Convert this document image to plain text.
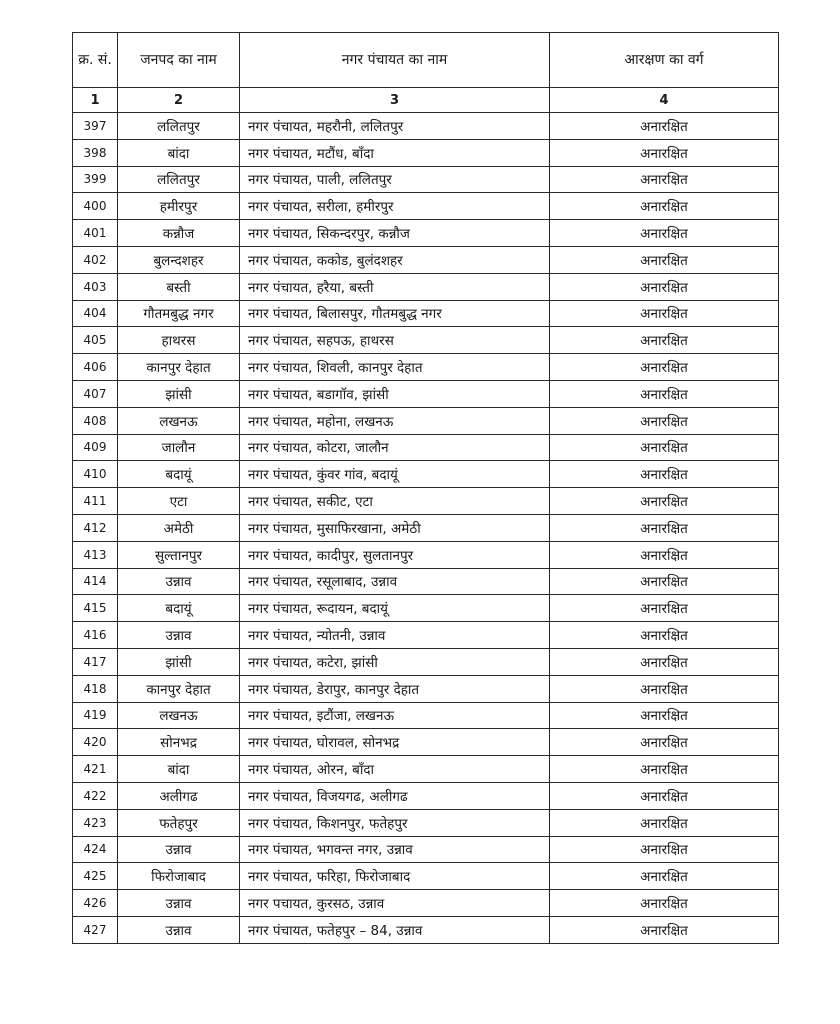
क्र. सं.	जनपद का नाम	नगर पंचायत का नाम	आरक्षण का वर्ग
1	2	3	4
397	ललितपुर	नगर पंचायत, महरौनी, ललितपुर	अनारक्षित
398	बांदा	नगर पंचायत, मटौंध, बाँदा	अनारक्षित
399	ललितपुर	नगर पंचायत, पाली, ललितपुर	अनारक्षित
400	हमीरपुर	नगर पंचायत, सरीला, हमीरपुर	अनारक्षित
401	कन्नौज	नगर पंचायत, सिकन्दरपुर, कन्नौज	अनारक्षित
402	बुलन्दशहर	नगर पंचायत, ककोड, बुलंदशहर	अनारक्षित
403	बस्ती	नगर पंचायत, हरैया, बस्ती	अनारक्षित
404	गौतमबुद्ध नगर	नगर पंचायत, बिलासपुर, गौतमबुद्ध नगर	अनारक्षित
405	हाथरस	नगर पंचायत, सहपऊ, हाथरस	अनारक्षित
406	कानपुर देहात	नगर पंचायत, शिवली, कानपुर देहात	अनारक्षित
407	झांसी	नगर पंचायत, बडागॉव, झांसी	अनारक्षित
408	लखनऊ	नगर पंचायत, महोना, लखनऊ	अनारक्षित
409	जालौन	नगर पंचायत, कोटरा, जालौन	अनारक्षित
410	बदायूं	नगर पंचायत, कुंवर गांव, बदायूं	अनारक्षित
411	एटा	नगर पंचायत, सकीट, एटा	अनारक्षित
412	अमेठी	नगर पंचायत, मुसाफिरखाना, अमेठी	अनारक्षित
413	सुल्तानपुर	नगर पंचायत, कादीपुर, सुलतानपुर	अनारक्षित
414	उन्नाव	नगर पंचायत, रसूलाबाद, उन्नाव	अनारक्षित
415	बदायूं	नगर पंचायत, रूदायन, बदायूं	अनारक्षित
416	उन्नाव	नगर पंचायत, न्योतनी, उन्नाव	अनारक्षित
417	झांसी	नगर पंचायत, कटेरा, झांसी	अनारक्षित
418	कानपुर देहात	नगर पंचायत, डेरापुर, कानपुर देहात	अनारक्षित
419	लखनऊ	नगर पंचायत, इटौंजा, लखनऊ	अनारक्षित
420	सोनभद्र	नगर पंचायत, घोरावल, सोनभद्र	अनारक्षित
421	बांदा	नगर पंचायत, ओरन, बाँदा	अनारक्षित
422	अलीगढ	नगर पंचायत, विजयगढ, अलीगढ	अनारक्षित
423	फतेहपुर	नगर पंचायत, किशनपुर, फतेहपुर	अनारक्षित
424	उन्नाव	नगर पंचायत, भगवन्त नगर, उन्नाव	अनारक्षित
425	फिरोजाबाद	नगर पंचायत, फरिहा, फिरोजाबाद	अनारक्षित
426	उन्नाव	नगर पचायत, कुरसठ, उन्नाव	अनारक्षित
427	उन्नाव	नगर पंचायत, फतेहपुर – 84, उन्नाव	अनारक्षित
